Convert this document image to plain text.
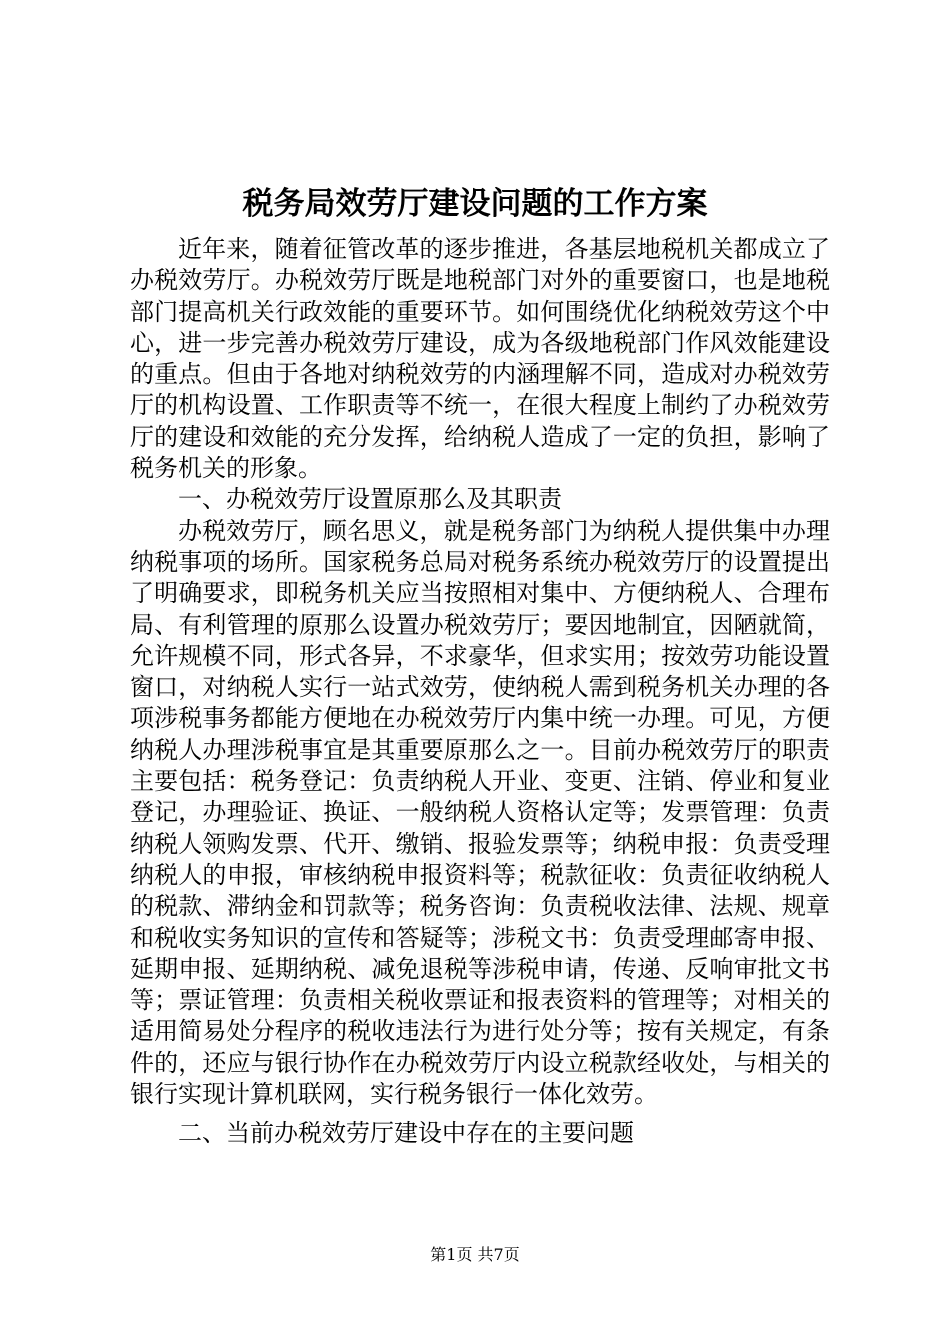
税务局效劳厅建设问题的工作方案

近年来，随着征管改革的逐步推进，各基层地税机关都成立了办税效劳厅。办税效劳厅既是地税部门对外的重要窗口，也是地税部门提高机关行政效能的重要环节。如何围绕优化纳税效劳这个中心，进一步完善办税效劳厅建设，成为各级地税部门作风效能建设的重点。但由于各地对纳税效劳的内涵理解不同，造成对办税效劳厅的机构设置、工作职责等不统一，在很大程度上制约了办税效劳厅的建设和效能的充分发挥，给纳税人造成了一定的负担，影响了税务机关的形象。

一、办税效劳厅设置原那么及其职责

办税效劳厅，顾名思义，就是税务部门为纳税人提供集中办理纳税事项的场所。国家税务总局对税务系统办税效劳厅的设置提出了明确要求，即税务机关应当按照相对集中、方便纳税人、合理布局、有利管理的原那么设置办税效劳厅；要因地制宜，因陋就简，允许规模不同，形式各异，不求豪华，但求实用；按效劳功能设置窗口，对纳税人实行一站式效劳，使纳税人需到税务机关办理的各项涉税事务都能方便地在办税效劳厅内集中统一办理。可见，方便纳税人办理涉税事宜是其重要原那么之一。目前办税效劳厅的职责主要包括：税务登记：负责纳税人开业、变更、注销、停业和复业登记，办理验证、换证、一般纳税人资格认定等；发票管理：负责纳税人领购发票、代开、缴销、报验发票等；纳税申报：负责受理纳税人的申报，审核纳税申报资料等；税款征收：负责征收纳税人的税款、滞纳金和罚款等；税务咨询：负责税收法律、法规、规章和税收实务知识的宣传和答疑等；涉税文书：负责受理邮寄申报、延期申报、延期纳税、减免退税等涉税申请，传递、反响审批文书等；票证管理：负责相关税收票证和报表资料的管理等；对相关的适用简易处分程序的税收违法行为进行处分等；按有关规定，有条件的，还应与银行协作在办税效劳厅内设立税款经收处，与相关的银行实现计算机联网，实行税务银行一体化效劳。

二、当前办税效劳厅建设中存在的主要问题

第1页 共7页
